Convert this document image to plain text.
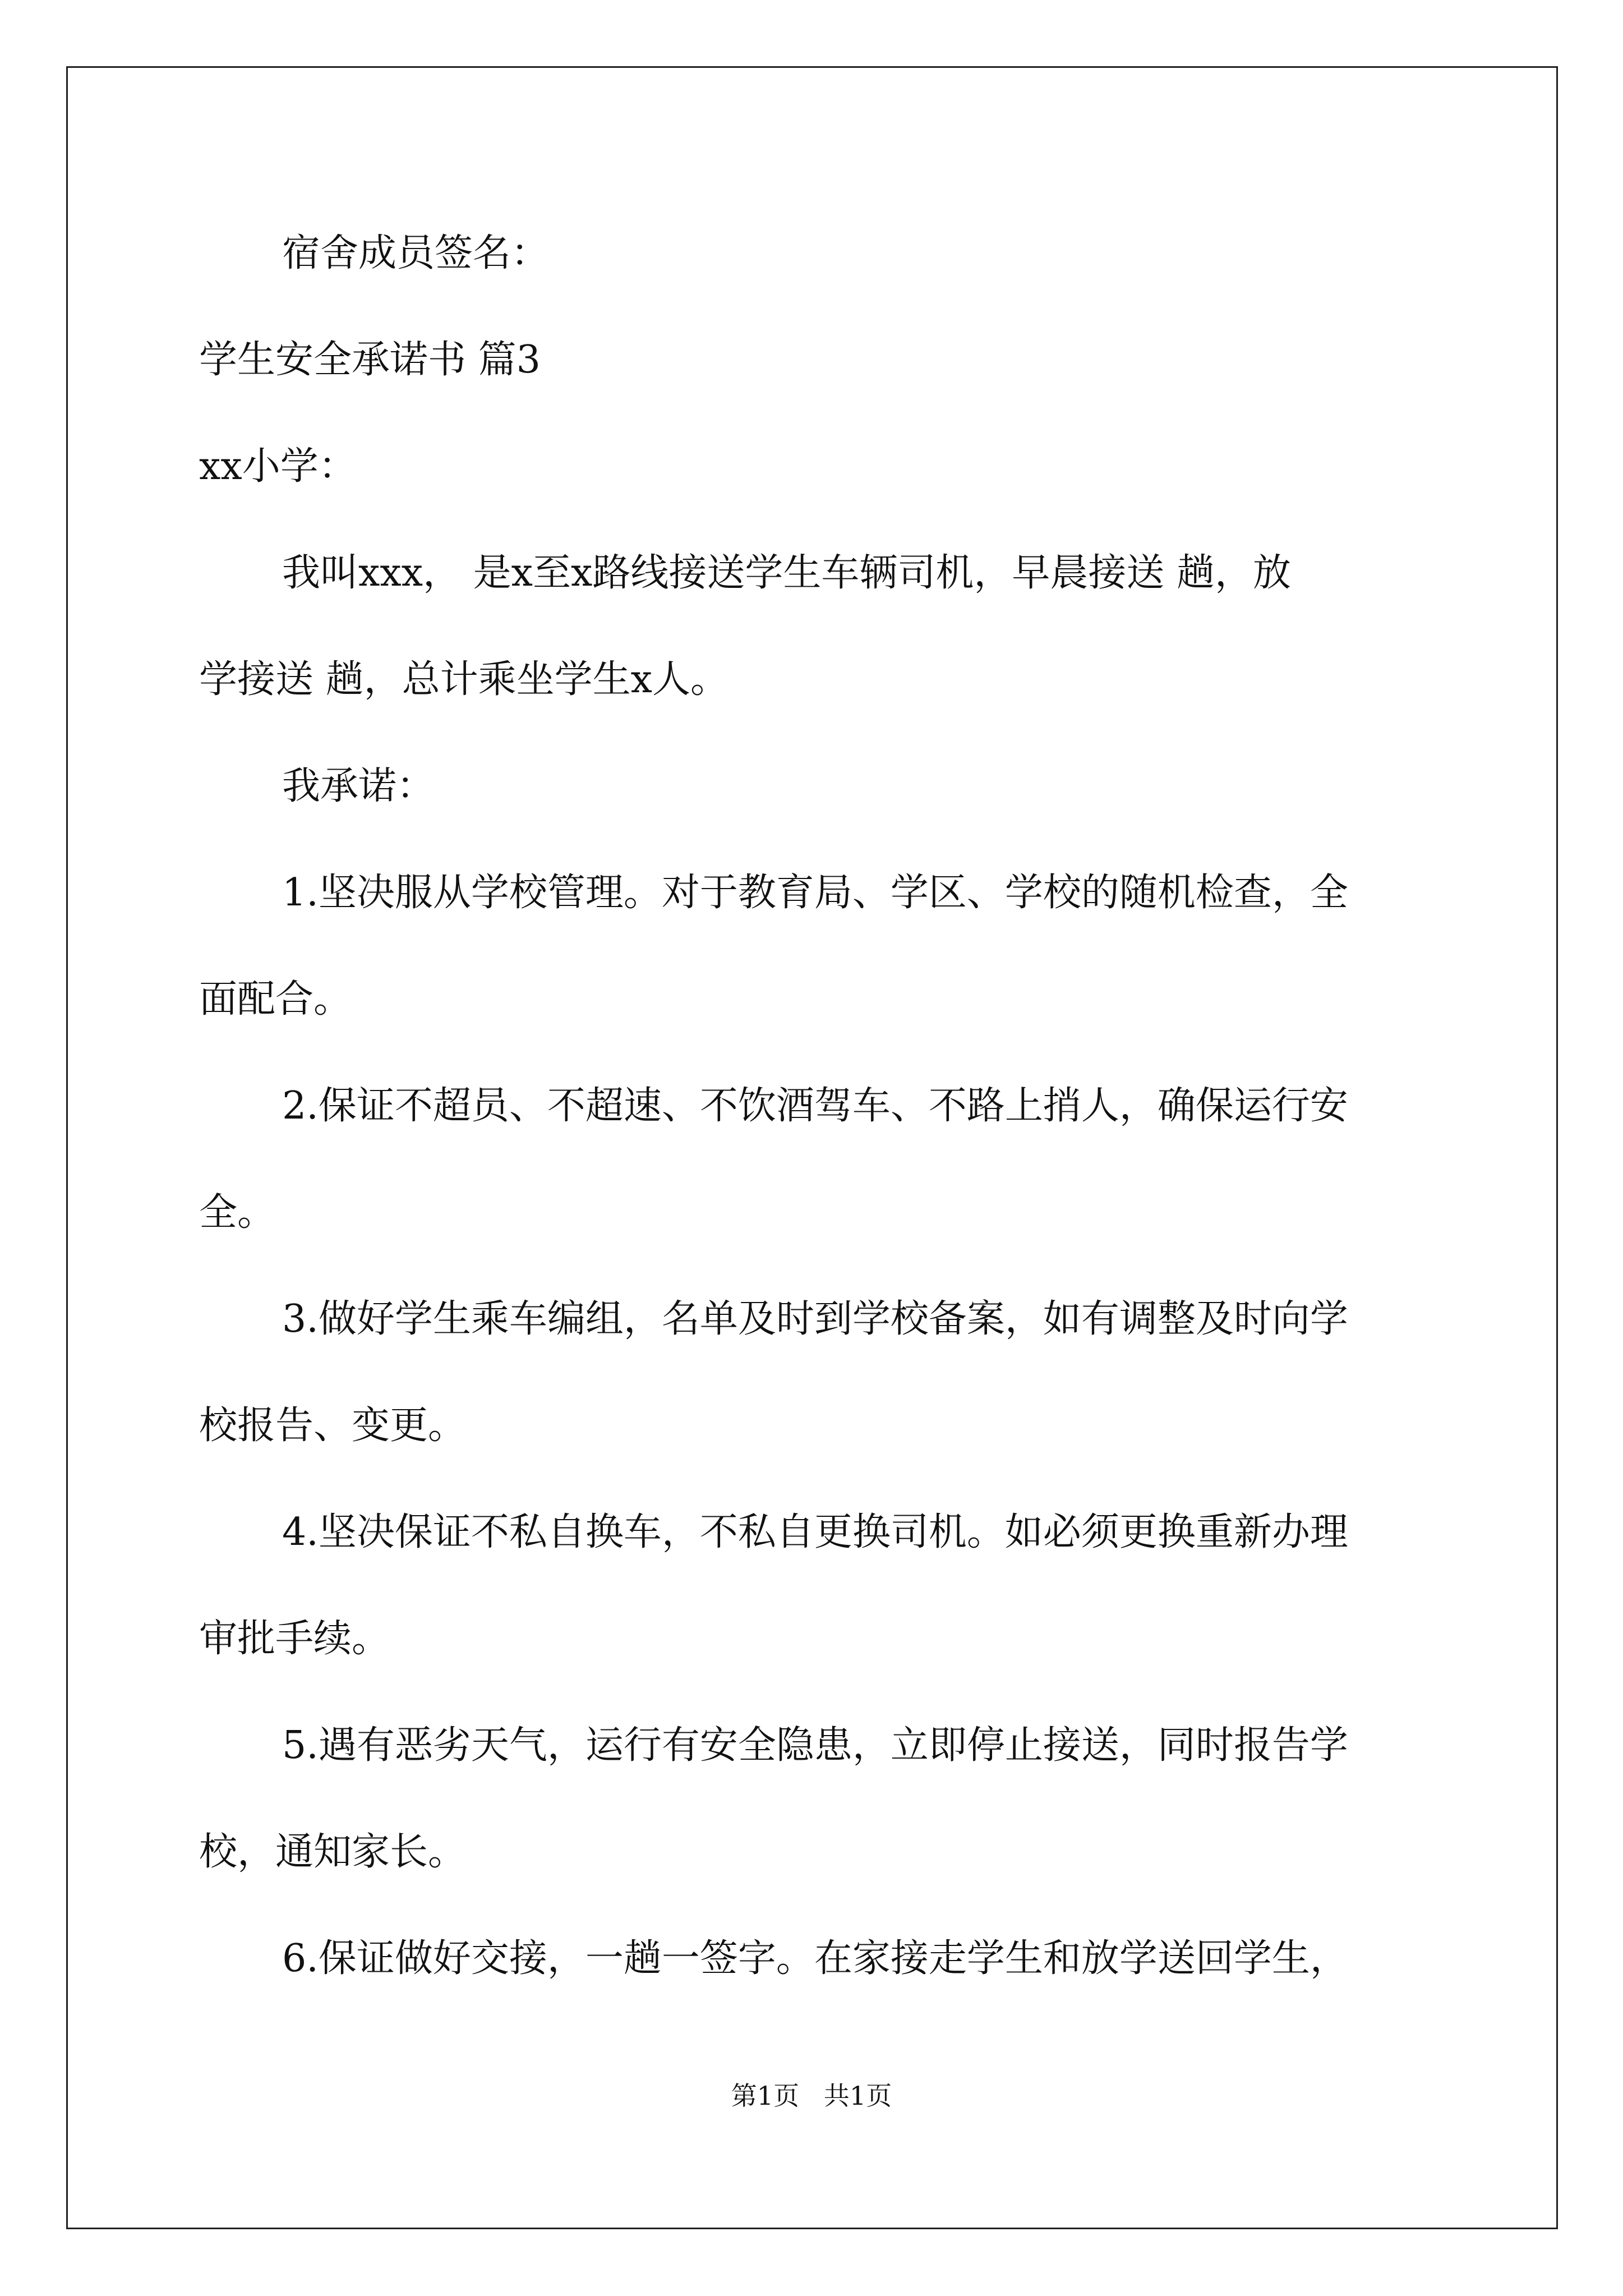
宿舍成员签名：
学生安全承诺书 篇3
xx小学：
我叫xxx， 是x至x路线接送学生车辆司机，早晨接送 趟，放
学接送 趟，总计乘坐学生x人。
我承诺：
1.坚决服从学校管理。对于教育局、学区、学校的随机检查，全
面配合。
2.保证不超员、不超速、不饮酒驾车、不路上捎人，确保运行安
全。
3.做好学生乘车编组，名单及时到学校备案，如有调整及时向学
校报告、变更。
4.坚决保证不私自换车，不私自更换司机。如必须更换重新办理
审批手续。
5.遇有恶劣天气，运行有安全隐患，立即停止接送，同时报告学
校，通知家长。
6.保证做好交接，一趟一签字。在家接走学生和放学送回学生，
第1页   共1页
